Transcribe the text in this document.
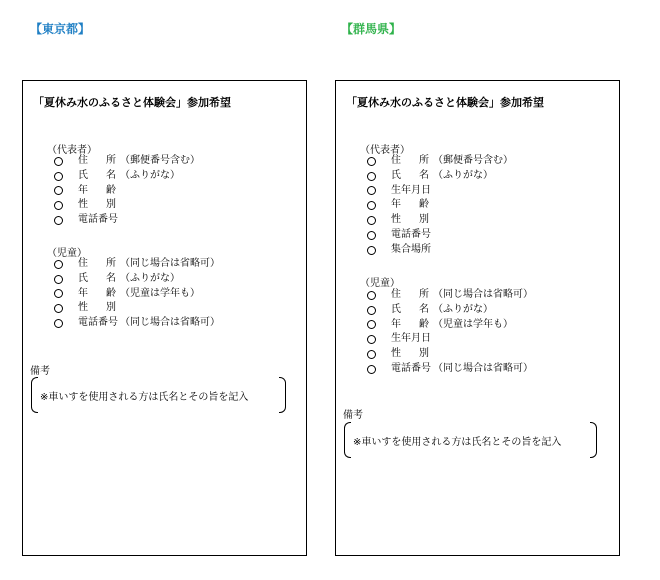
【東京都】	【群馬県】
「夏休み水のふるさと体験会」参加希望
（代表者）
住所 （郵便番号含む）
氏名 （ふりがな）
年齢
性別
電話番号
（児童）
住所 （同じ場合は省略可）
氏名 （ふりがな）
年齢 （児童は学年も）
性別
電話番号 （同じ場合は省略可）
備考
※車いすを使用される方は氏名とその旨を記入
「夏休み水のふるさと体験会」参加希望
（代表者）
住所 （郵便番号含む）
氏名 （ふりがな）
生年月日
年齢
性別
電話番号
集合場所
（児童）
住所 （同じ場合は省略可）
氏名 （ふりがな）
年齢 （児童は学年も）
生年月日
性別
電話番号 （同じ場合は省略可）
備考
※車いすを使用される方は氏名とその旨を記入
